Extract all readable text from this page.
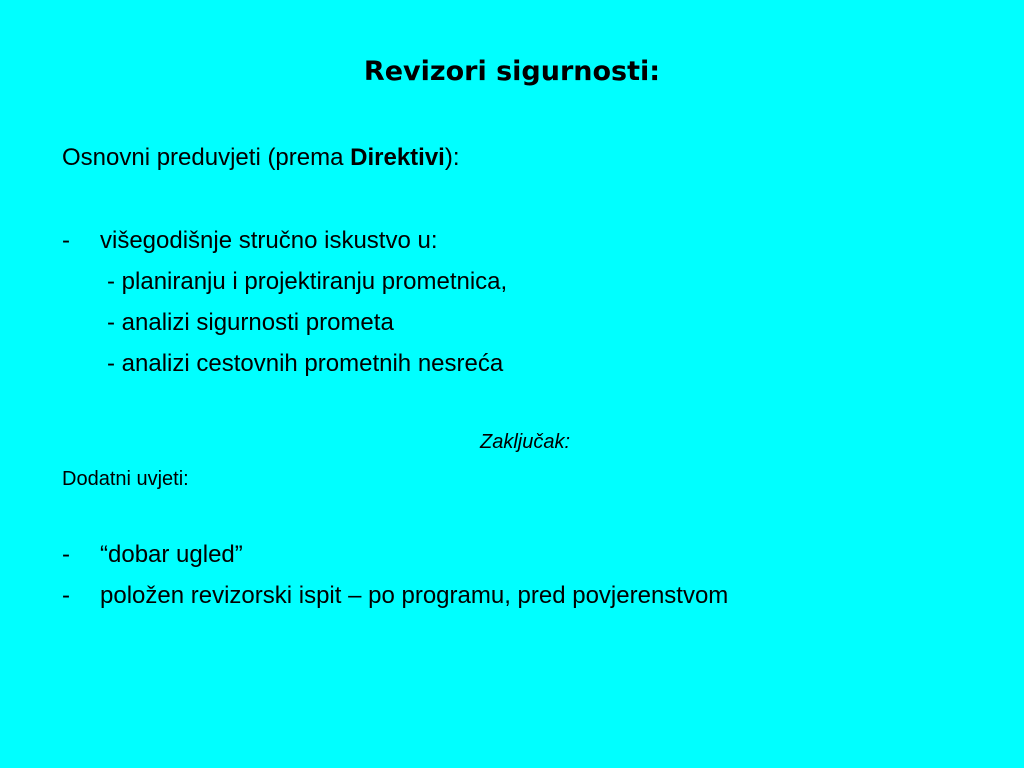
Revizori sigurnosti:
Osnovni preduvjeti (prema Direktivi):
- višegodišnje stručno iskustvo u:
- planiranju i projektiranju prometnica,
- analizi sigurnosti prometa
- analizi cestovnih prometnih nesreća
Zaključak:
Dodatni uvjeti:
- “dobar ugled”
- položen revizorski ispit – po programu, pred povjerenstvom
